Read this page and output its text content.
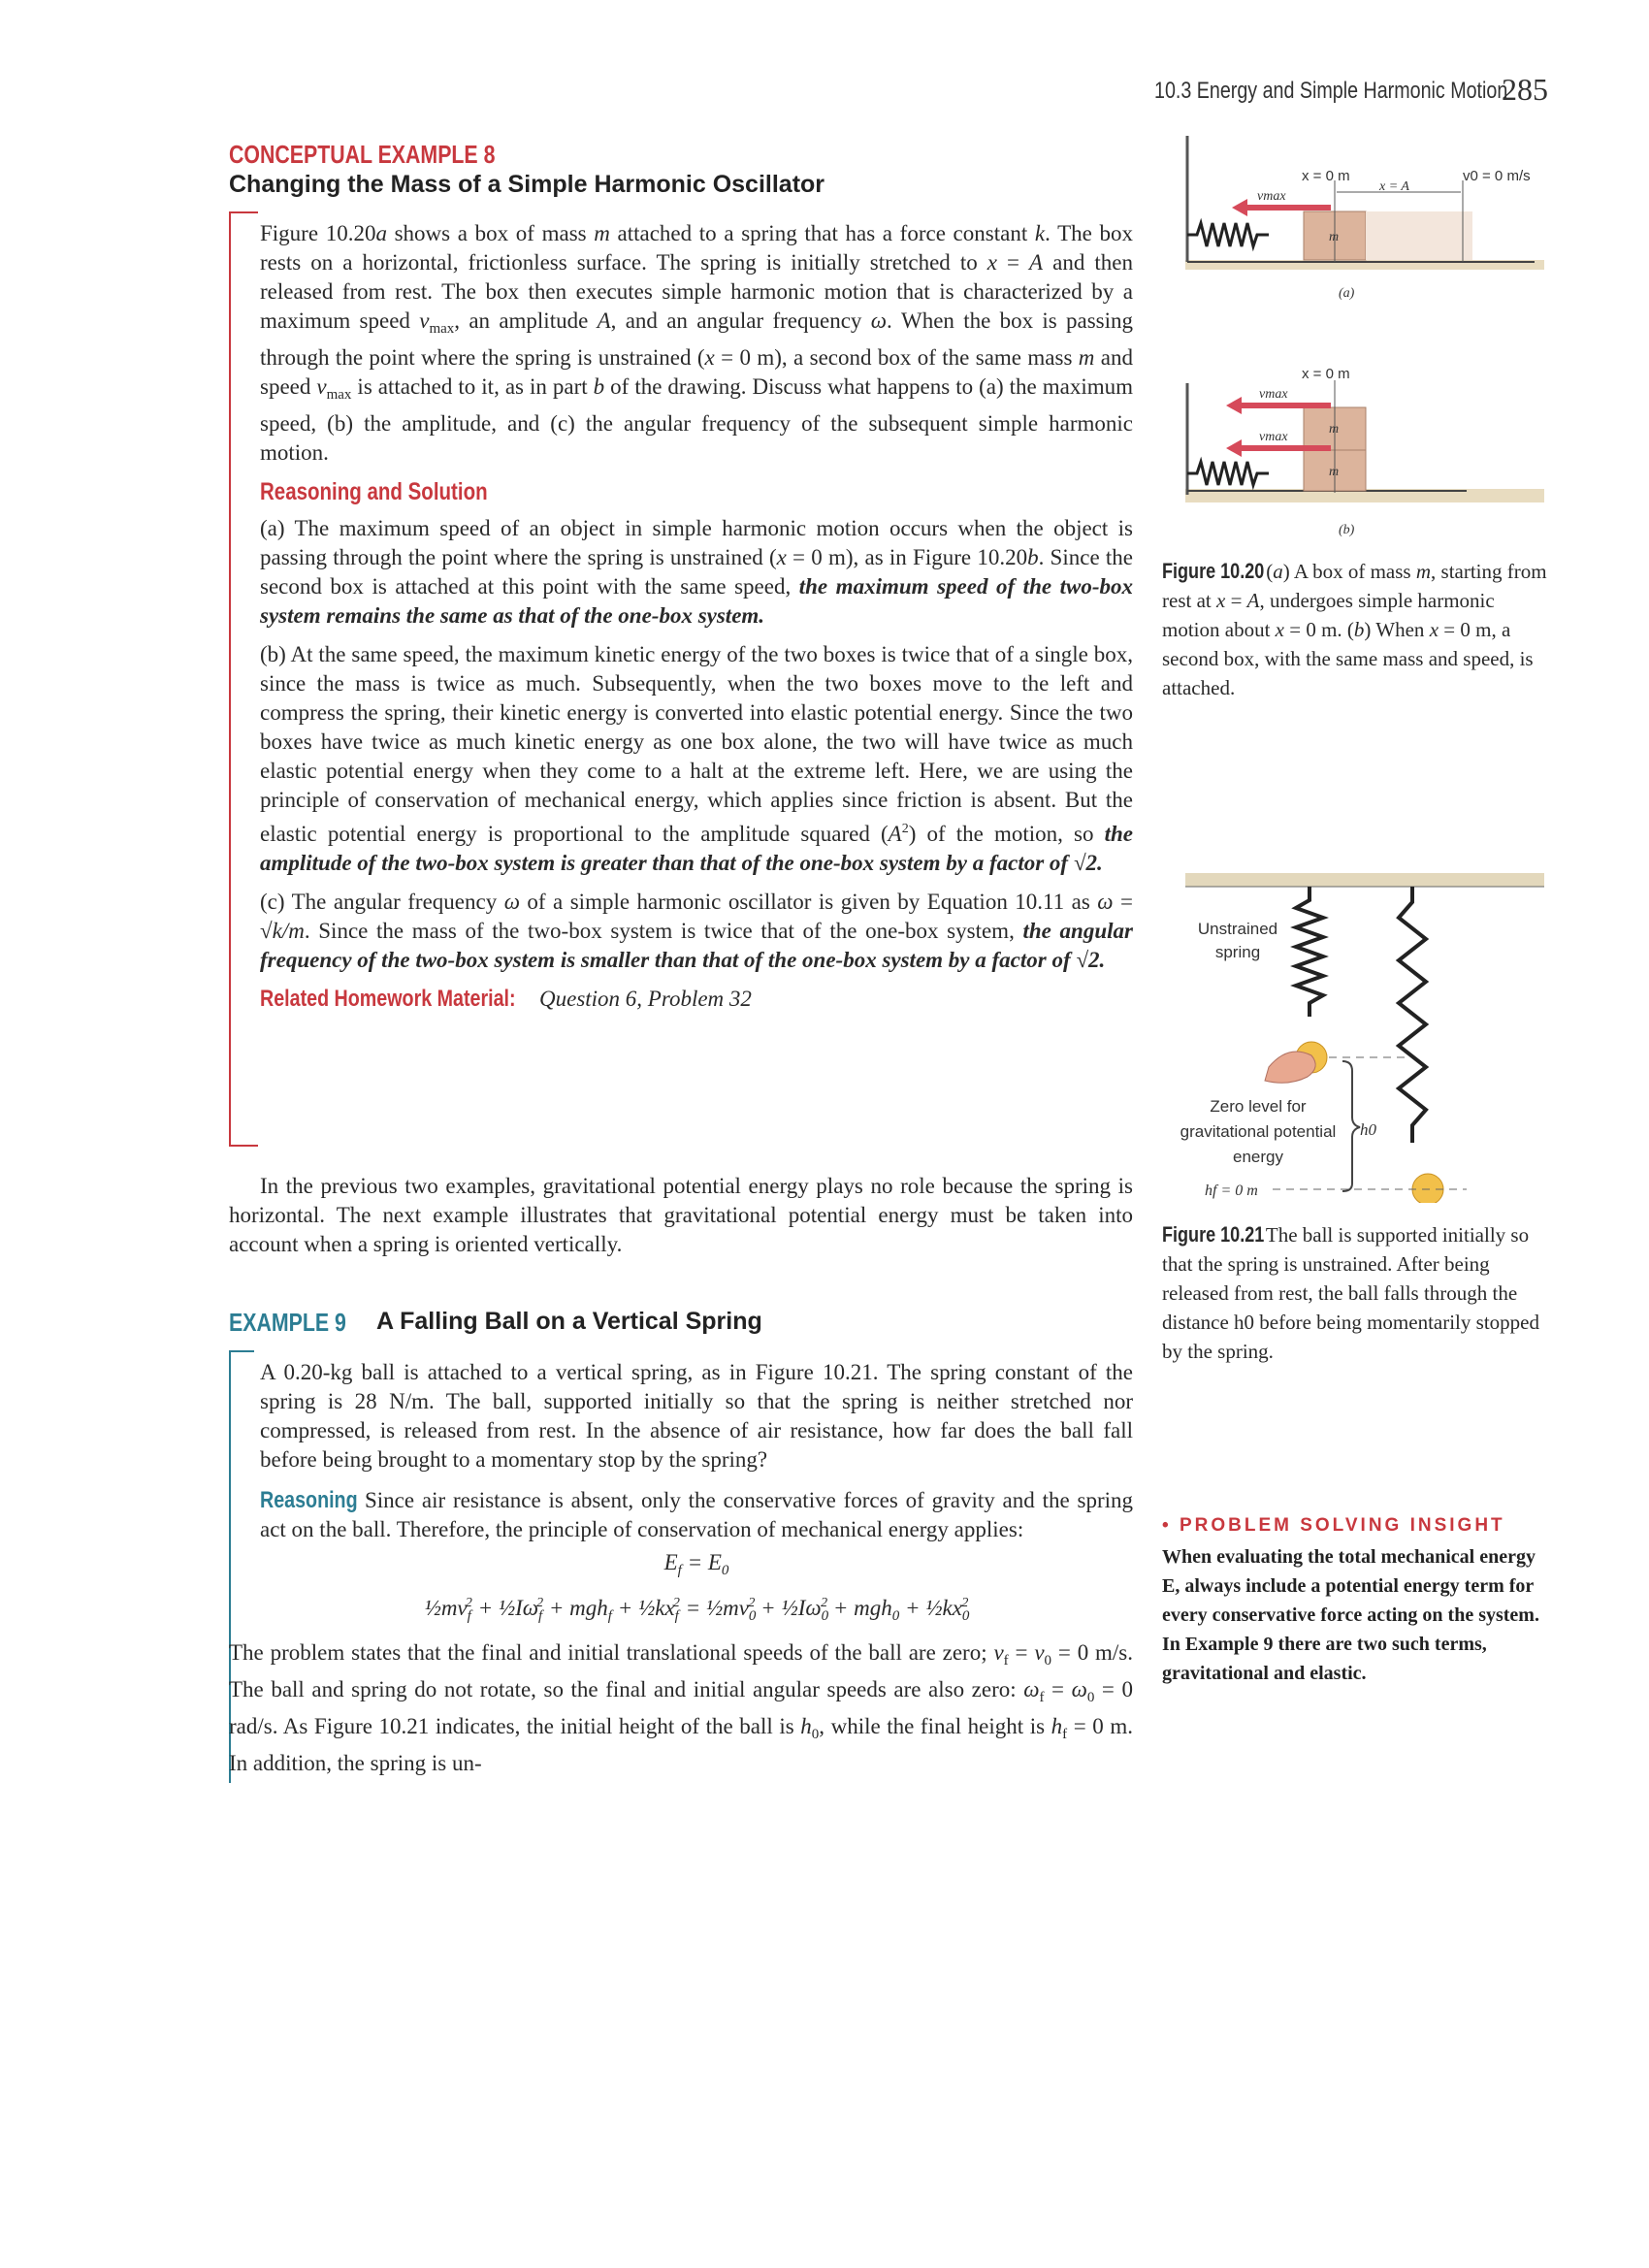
10.3 Energy and Simple Harmonic Motion
285
CONCEPTUAL EXAMPLE 8
Changing the Mass of a Simple Harmonic Oscillator

Figure 10.20a shows a box of mass m attached to a spring that has a force constant k. The box rests on a horizontal, frictionless surface. The spring is initially stretched to x = A and then released from rest. The box then executes simple harmonic motion that is characterized by a maximum speed $v_{max}$, an amplitude A, and an angular frequency ω. When the box is passing through the point where the spring is unstrained (x = 0 m), a second box of the same mass m and speed $v_{max}$ is attached to it, as in part b of the drawing. Discuss what happens to (a) the maximum speed, (b) the amplitude, and (c) the angular frequency of the subsequent simple harmonic motion.

Reasoning and Solution

(a) The maximum speed of an object in simple harmonic motion occurs when the object is passing through the point where the spring is unstrained (x = 0 m), as in Figure 10.20b. Since the second box is attached at this point with the same speed, the maximum speed of the two-box system remains the same as that of the one-box system.

(b) At the same speed, the maximum kinetic energy of the two boxes is twice that of a single box, since the mass is twice as much. Subsequently, when the two boxes move to the left and compress the spring, their kinetic energy is converted into elastic potential energy. Since the two boxes have twice as much kinetic energy as one box alone, the two will have twice as much elastic potential energy when they come to a halt at the extreme left. Here, we are using the principle of conservation of mechanical energy, which applies since friction is absent. But the elastic potential energy is proportional to the amplitude squared $(A^2)$ of the motion, so the amplitude of the two-box system is greater than that of the one-box system by a factor of √2.

(c) The angular frequency ω of a simple harmonic oscillator is given by Equation 10.11 as ω = √k/m. Since the mass of the two-box system is twice that of the one-box system, the angular frequency of the two-box system is smaller than that of the one-box system by a factor of √2.

Related Homework Material: Question 6, Problem 32
In the previous two examples, gravitational potential energy plays no role because the spring is horizontal. The next example illustrates that gravitational potential energy must be taken into account when a spring is oriented vertically.
EXAMPLE 9 A Falling Ball on a Vertical Spring

A 0.20-kg ball is attached to a vertical spring, as in Figure 10.21. The spring constant of the spring is 28 N/m. The ball, supported initially so that the spring is neither stretched nor compressed, is released from rest. In the absence of air resistance, how far does the ball fall before being brought to a momentary stop by the spring?

Reasoning Since air resistance is absent, only the conservative forces of gravity and the spring act on the ball. Therefore, the principle of conservation of mechanical energy applies:

$E_f = E_0$
$\frac{1}{2}mv_f^2$ + $\frac{1}{2}I\omega_f^2 + mgh_f$ + $\frac{1}{2}kx_f^2$ = $\frac{1}{2}mv_0^2$ + $\frac{1}{2}I\omega_0^2 + mgh_0$ + $\frac{1}{2}kx_0^2$

The problem states that the final and initial translational speeds of the ball are zero; $v_f = v_0 = 0$ m/s. The ball and spring do not rotate, so the final and initial angular speeds are also zero: $\omega_f = \omega_0 = 0$ rad/s. As Figure 10.21 indicates, the initial height of the ball is $h_0$, while the final height is $h_f = 0$ m. In addition, the spring is un-

x = 0 m
x = A
v0 = 0 m/s
vmax
m
(a)
x = 0 m
vmax
vmax
m
m
(b)
Figure 10.20 (a) A box of mass m, starting from rest at x = A, undergoes simple harmonic motion about x = 0 m. (b) When x = 0 m, a second box, with the same mass and speed, is attached.
Unstrained spring
Zero level for gravitational potential energy
hf = 0 m
h0
Figure 10.21 The ball is supported initially so that the spring is unstrained. After being released from rest, the ball falls through the distance h0 before being momentarily stopped by the spring.
• PROBLEM SOLVING INSIGHT
When evaluating the total mechanical energy E, always include a potential energy term for every conservative force acting on the system. In Example 9 there are two such terms, gravitational and elastic.
